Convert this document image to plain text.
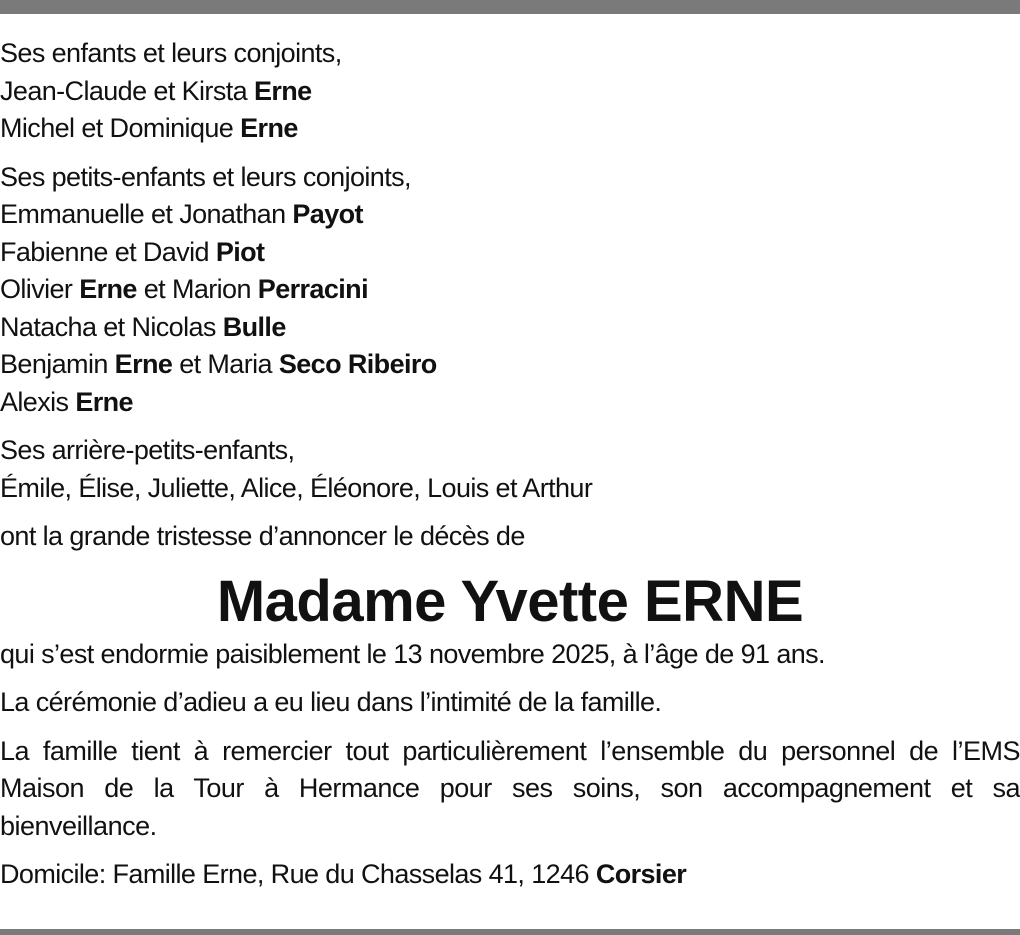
Ses enfants et leurs conjoints,
Jean-Claude et Kirsta Erne
Michel et Dominique Erne
Ses petits-enfants et leurs conjoints,
Emmanuelle et Jonathan Payot
Fabienne et David Piot
Olivier Erne et Marion Perracini
Natacha et Nicolas Bulle
Benjamin Erne et Maria Seco Ribeiro
Alexis Erne
Ses arrière-petits-enfants,
Émile, Élise, Juliette, Alice, Éléonore, Louis et Arthur
ont la grande tristesse d’annoncer le décès de
Madame Yvette ERNE
qui s’est endormie paisiblement le 13 novembre 2025, à l’âge de 91 ans.
La cérémonie d’adieu a eu lieu dans l’intimité de la famille.
La famille tient à remercier tout particulièrement l’ensemble du personnel de l’EMS Maison de la Tour à Hermance pour ses soins, son accompagnement et sa bienveillance.
Domicile: Famille Erne, Rue du Chasselas 41, 1246 Corsier
